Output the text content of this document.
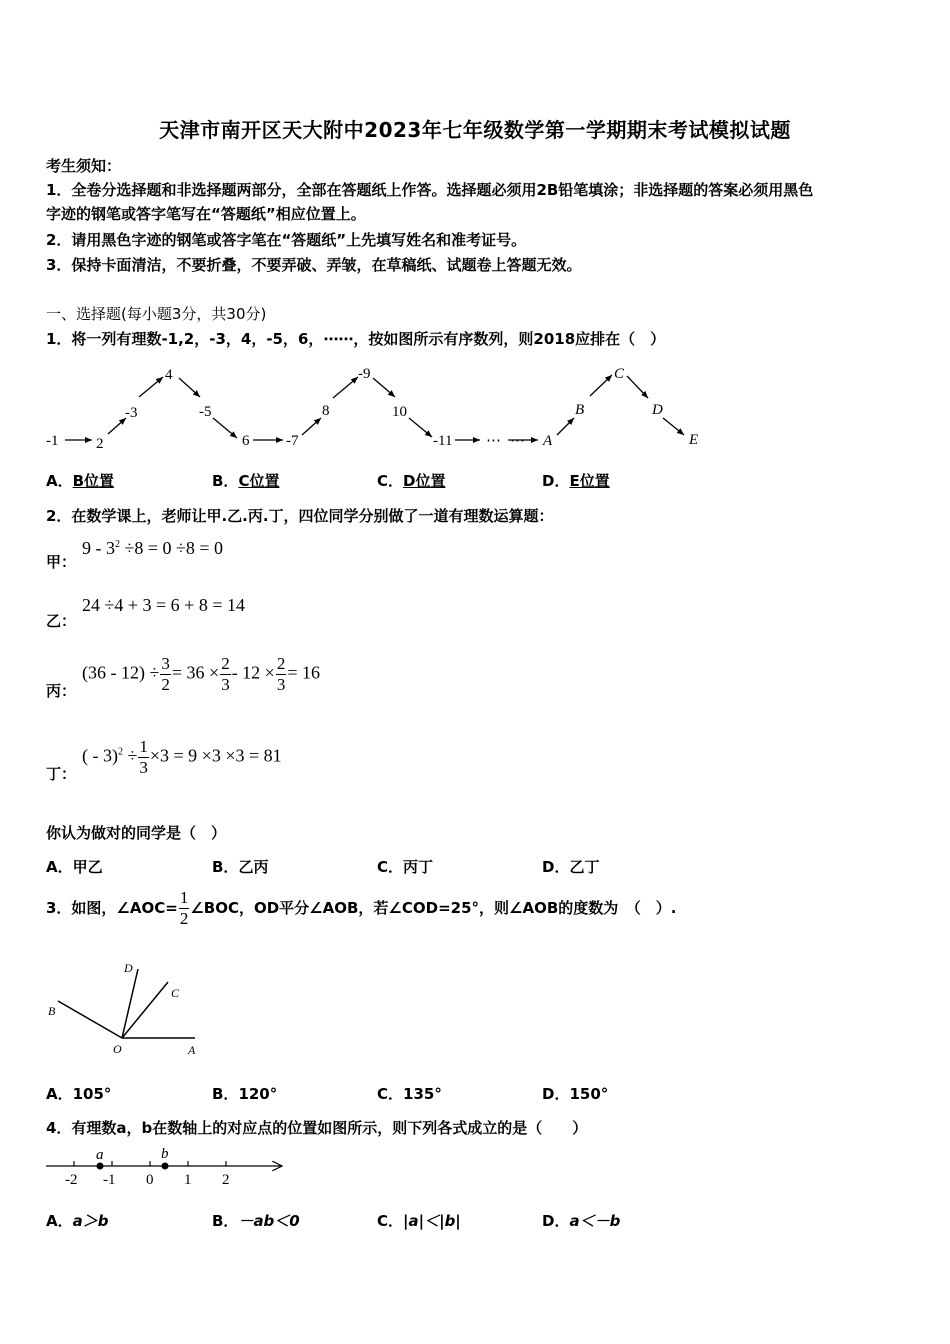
天津市南开区天大附中2023年七年级数学第一学期期末考试模拟试题
考生须知：
1．全卷分选择题和非选择题两部分，全部在答题纸上作答。选择题必须用2B铅笔填涂；非选择题的答案必须用黑色
字迹的钢笔或答字笔写在“答题纸”相应位置上。
2．请用黑色字迹的钢笔或答字笔在“答题纸”上先填写姓名和准考证号。
3．保持卡面清洁，不要折叠，不要弄破、弄皱，在草稿纸、试题卷上答题无效。
一、选择题(每小题3分，共30分)
1．将一列有理数-1,2，-3，4，-5，6，⋯⋯，按如图所示有序数列，则2018应排在（　）
-1	2
-3
4
-5
6 -7
8
-9
10
-11 ⋯ ⋯ A
B
C
D
E
A．B位置	B．C位置	C．D位置	D．E位置
2．在数学课上，老师让甲.乙.丙.丁，四位同学分别做了一道有理数运算题：
甲：
$9 - 3^2 \div 8 = 0 \div 8 = 0$
乙：
24 ÷4 + 3 = 6 + 8 = 14
丙：
$(36 - 12) \div \frac{3}{2} = 36 \times \frac{2}{3} - 12 \times \frac{2}{3} = 16$
丁：
( - $3)^2 \div \frac{1}{3} \times 3 = 9 \times 3 \times 3 = 81$
你认为做对的同学是（　）
A．甲乙	B．乙丙	C．丙丁	D．乙丁
3．如图，∠AOC= $\frac{1}{2}$ ∠BOC，OD平分∠AOB，若∠COD=25°，则∠AOB的度数为　（　）.
D
C
B
O	A
A．105°	B．120°	C．135°	D．150°
4．有理数a，b在数轴上的对应点的位置如图所示，则下列各式成立的是（　　）
a	b
-2 -1 0 1 2
A．a＞b	B．－ab＜0	C．|a|＜|b|	D．a＜－b
